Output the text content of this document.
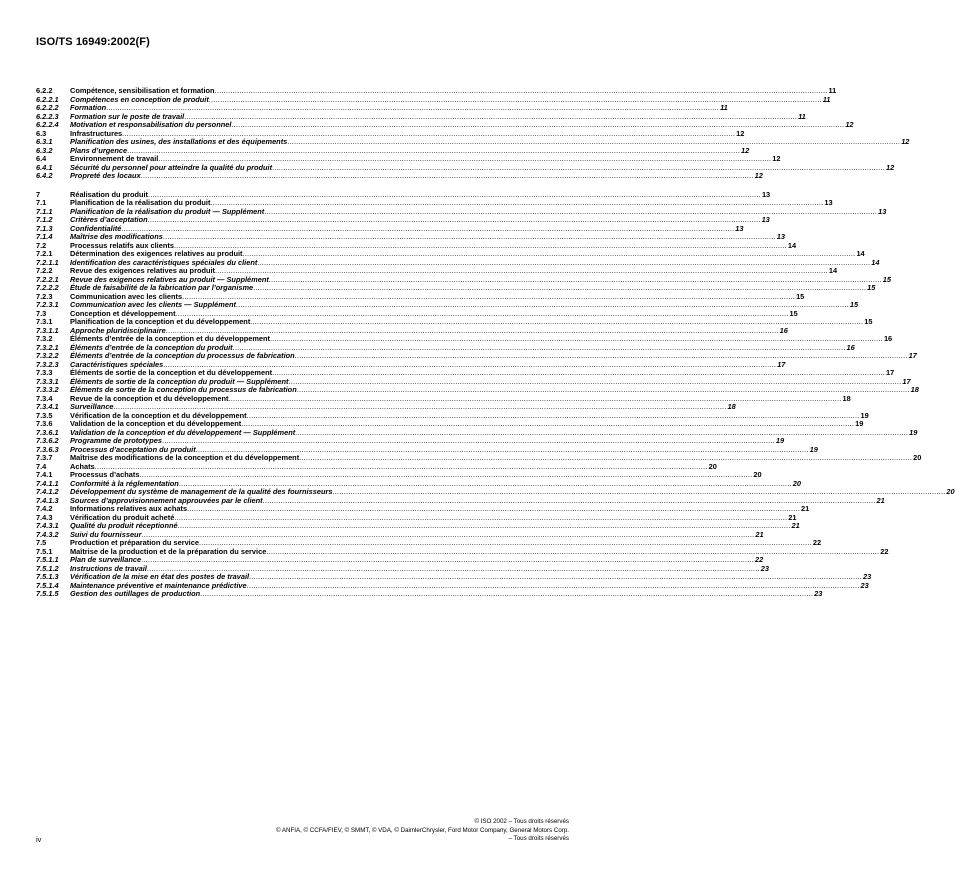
ISO/TS 16949:2002(F)
6.2.2	Compétence, sensibilisation et formation .....	11
6.2.2.1	Compétences en conception de produit .....	11
6.2.2.2	Formation .....	11
6.2.2.3	Formation sur le poste de travail .....	11
6.2.2.4	Motivation et responsabilisation du personnel .....	12
6.3	Infrastructures .....	12
6.3.1	Planification des usines, des installations et des équipements .....	12
6.3.2	Plans d’urgence .....	12
6.4	Environnement de travail .....	12
6.4.1	Sécurité du personnel pour atteindre la qualité du produit .....	12
6.4.2	Propreté des locaux .....	12
7	Réalisation du produit .....	13
7.1	Planification de la réalisation du produit .....	13
7.1.1	Planification de la réalisation du produit — Supplément .....	13
7.1.2	Critères d’acceptation .....	13
7.1.3	Confidentialité .....	13
7.1.4	Maîtrise des modifications .....	13
7.2	Processus relatifs aux clients .....	14
7.2.1	Détermination des exigences relatives au produit .....	14
7.2.1.1	Identification des caractéristiques spéciales du client .....	14
7.2.2	Revue des exigences relatives au produit .....	14
7.2.2.1	Revue des exigences relatives au produit — Supplément .....	15
7.2.2.2	Étude de faisabilité de la fabrication par l’organisme .....	15
7.2.3	Communication avec les clients .....	15
7.2.3.1	Communication avec les clients — Supplément .....	15
7.3	Conception et développement .....	15
7.3.1	Planification de la conception et du développement .....	15
7.3.1.1	Approche pluridisciplinaire .....	16
7.3.2	Éléments d’entrée de la conception et du développement .....	16
7.3.2.1	Éléments d’entrée de la conception du produit .....	16
7.3.2.2	Éléments d’entrée de la conception du processus de fabrication .....	17
7.3.2.3	Caractéristiques spéciales .....	17
7.3.3	Éléments de sortie de la conception et du développement .....	17
7.3.3.1	Éléments de sortie de la conception du produit — Supplément .....	17
7.3.3.2	Éléments de sortie de la conception du processus de fabrication .....	18
7.3.4	Revue de la conception et du développement .....	18
7.3.4.1	Surveillance .....	18
7.3.5	Vérification de la conception et du développement .....	19
7.3.6	Validation de la conception et du développement .....	19
7.3.6.1	Validation de la conception et du développement — Supplément .....	19
7.3.6.2	Programme de prototypes .....	19
7.3.6.3	Processus d’acceptation du produit .....	19
7.3.7	Maîtrise des modifications de la conception et du développement .....	20
7.4	Achats .....	20
7.4.1	Processus d’achats .....	20
7.4.1.1	Conformité à la réglementation .....	20
7.4.1.2	Développement du système de management de la qualité des fournisseurs .....	20
7.4.1.3	Sources d’approvisionnement approuvées par le client .....	21
7.4.2	Informations relatives aux achats .....	21
7.4.3	Vérification du produit acheté .....	21
7.4.3.1	Qualité du produit réceptionné .....	21
7.4.3.2	Suivi du fournisseur .....	21
7.5	Production et préparation du service .....	22
7.5.1	Maîtrise de la production et de la préparation du service .....	22
7.5.1.1	Plan de surveillance .....	22
7.5.1.2	Instructions de travail .....	23
7.5.1.3	Vérification de la mise en état des postes de travail .....	23
7.5.1.4	Maintenance préventive et maintenance prédictive .....	23
7.5.1.5	Gestion des outillages de production .....	23
© ISO 2002 – Tous droits réservés
© ANFIA, © CCFA/FIEV, © SMMT, © VDA, © DaimlerChrysler, Ford Motor Company, General Motors Corp.
– Tous droits réservés
iv
